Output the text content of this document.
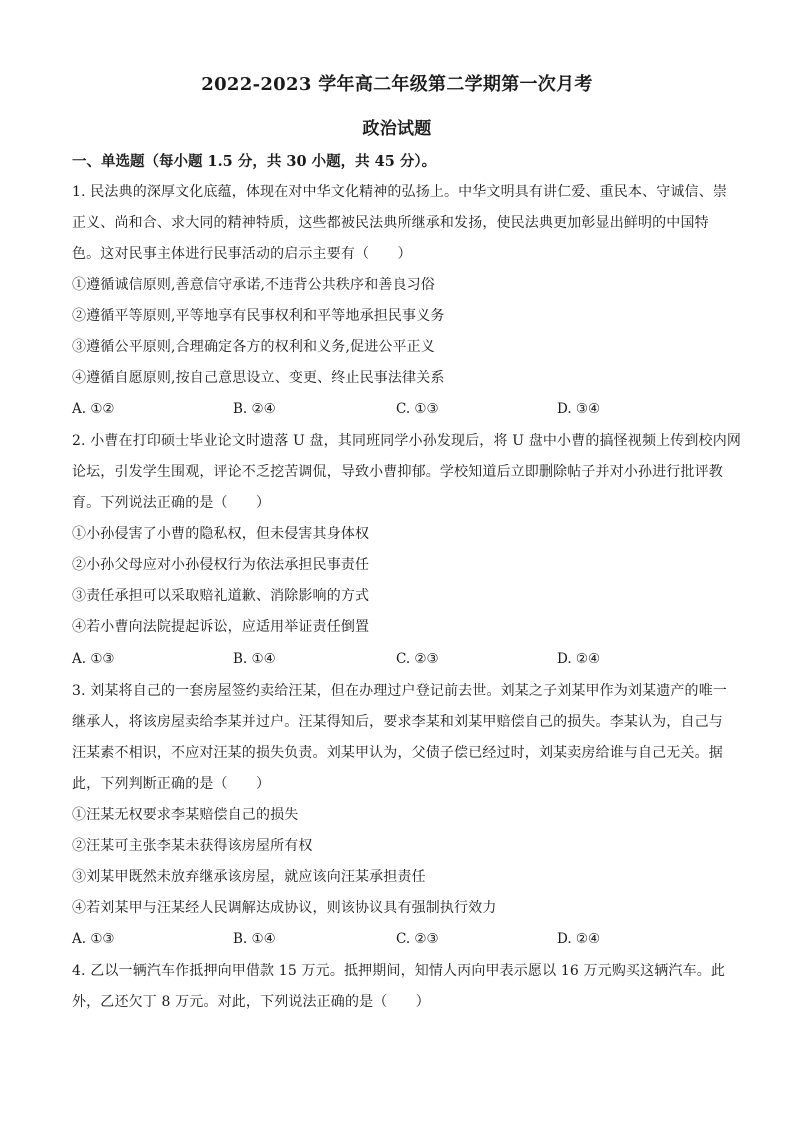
2022-2023 学年高二年级第二学期第一次月考
政治试题
一、单选题（每小题 1.5 分，共 30 小题，共 45 分）。
1. 民法典的深厚文化底蕴，体现在对中华文化精神的弘扬上。中华文明具有讲仁爱、重民本、守诚信、崇
正义、尚和合、求大同的精神特质，这些都被民法典所继承和发扬，使民法典更加彰显出鲜明的中国特
色。这对民事主体进行民事活动的启示主要有（　　）
①遵循诚信原则,善意信守承诺,不违背公共秩序和善良习俗
②遵循平等原则,平等地享有民事权利和平等地承担民事义务
③遵循公平原则,合理确定各方的权利和义务,促进公平正义
④遵循自愿原则,按自己意思设立、变更、终止民事法律关系
A. ①②	B. ②④	C. ①③	D. ③④
2. 小曹在打印硕士毕业论文时遗落 U 盘，其同班同学小孙发现后，将 U 盘中小曹的搞怪视频上传到校内网
论坛，引发学生围观，评论不乏挖苦调侃，导致小曹抑郁。学校知道后立即删除帖子并对小孙进行批评教
育。下列说法正确的是（　　）
①小孙侵害了小曹的隐私权，但未侵害其身体权
②小孙父母应对小孙侵权行为依法承担民事责任
③责任承担可以采取赔礼道歉、消除影响的方式
④若小曹向法院提起诉讼，应适用举证责任倒置
A. ①③	B. ①④	C. ②③	D. ②④
3. 刘某将自己的一套房屋签约卖给汪某，但在办理过户登记前去世。刘某之子刘某甲作为刘某遗产的唯一
继承人，将该房屋卖给李某并过户。汪某得知后，要求李某和刘某甲赔偿自己的损失。李某认为，自己与
汪某素不相识，不应对汪某的损失负责。刘某甲认为，父债子偿已经过时，刘某卖房给谁与自己无关。据
此，下列判断正确的是（　　）
①汪某无权要求李某赔偿自己的损失
②汪某可主张李某未获得该房屋所有权
③刘某甲既然未放弃继承该房屋，就应该向汪某承担责任
④若刘某甲与汪某经人民调解达成协议，则该协议具有强制执行效力
A. ①③	B. ①④	C. ②③	D. ②④
4. 乙以一辆汽车作抵押向甲借款 15 万元。抵押期间，知情人丙向甲表示愿以 16 万元购买这辆汽车。此
外，乙还欠丁 8 万元。对此，下列说法正确的是（　　）
